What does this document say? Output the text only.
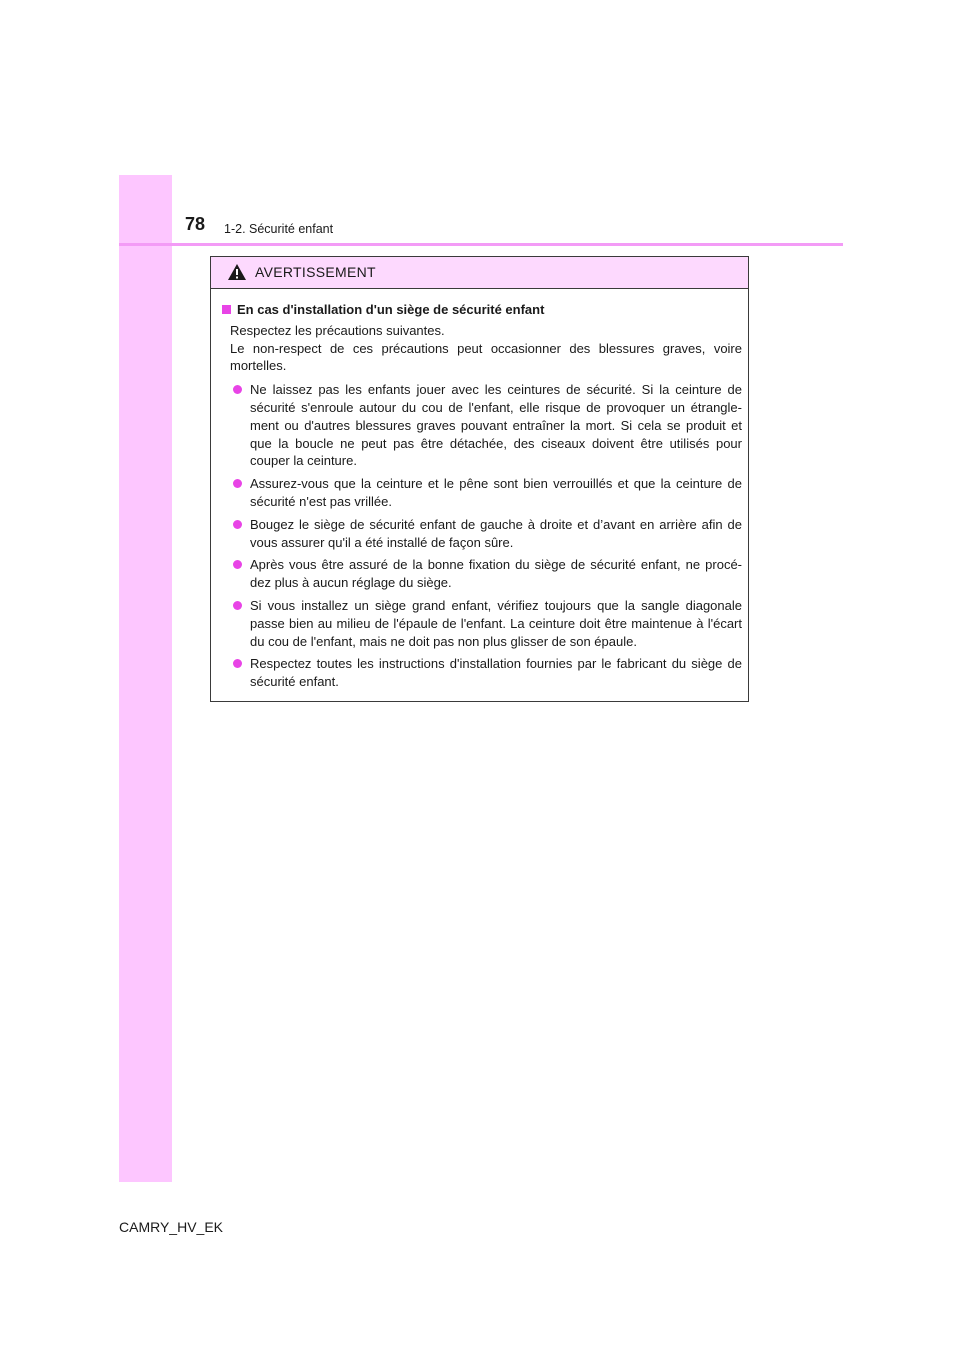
78 1-2. Sécurité enfant
AVERTISSEMENT
En cas d'installation d'un siège de sécurité enfant

Respectez les précautions suivantes.

Le non-respect de ces précautions peut occasionner des blessures graves, voire mortelles.

Ne laissez pas les enfants jouer avec les ceintures de sécurité. Si la ceinture de sécurité s'enroule autour du cou de l'enfant, elle risque de provoquer un étrangle-ment ou d'autres blessures graves pouvant entraîner la mort. Si cela se produit et que la boucle ne peut pas être détachée, des ciseaux doivent être utilisés pour couper la ceinture.
Assurez-vous que la ceinture et le pêne sont bien verrouillés et que la ceinture de sécurité n'est pas vrillée.
Bougez le siège de sécurité enfant de gauche à droite et d’avant en arrière afin de vous assurer qu'il a été installé de façon sûre.
Après vous être assuré de la bonne fixation du siège de sécurité enfant, ne procé-dez plus à aucun réglage du siège.
Si vous installez un siège grand enfant, vérifiez toujours que la sangle diagonale passe bien au milieu de l'épaule de l'enfant. La ceinture doit être maintenue à l'écart du cou de l'enfant, mais ne doit pas non plus glisser de son épaule.
Respectez toutes les instructions d'installation fournies par le fabricant du siège de sécurité enfant.
CAMRY_HV_EK
